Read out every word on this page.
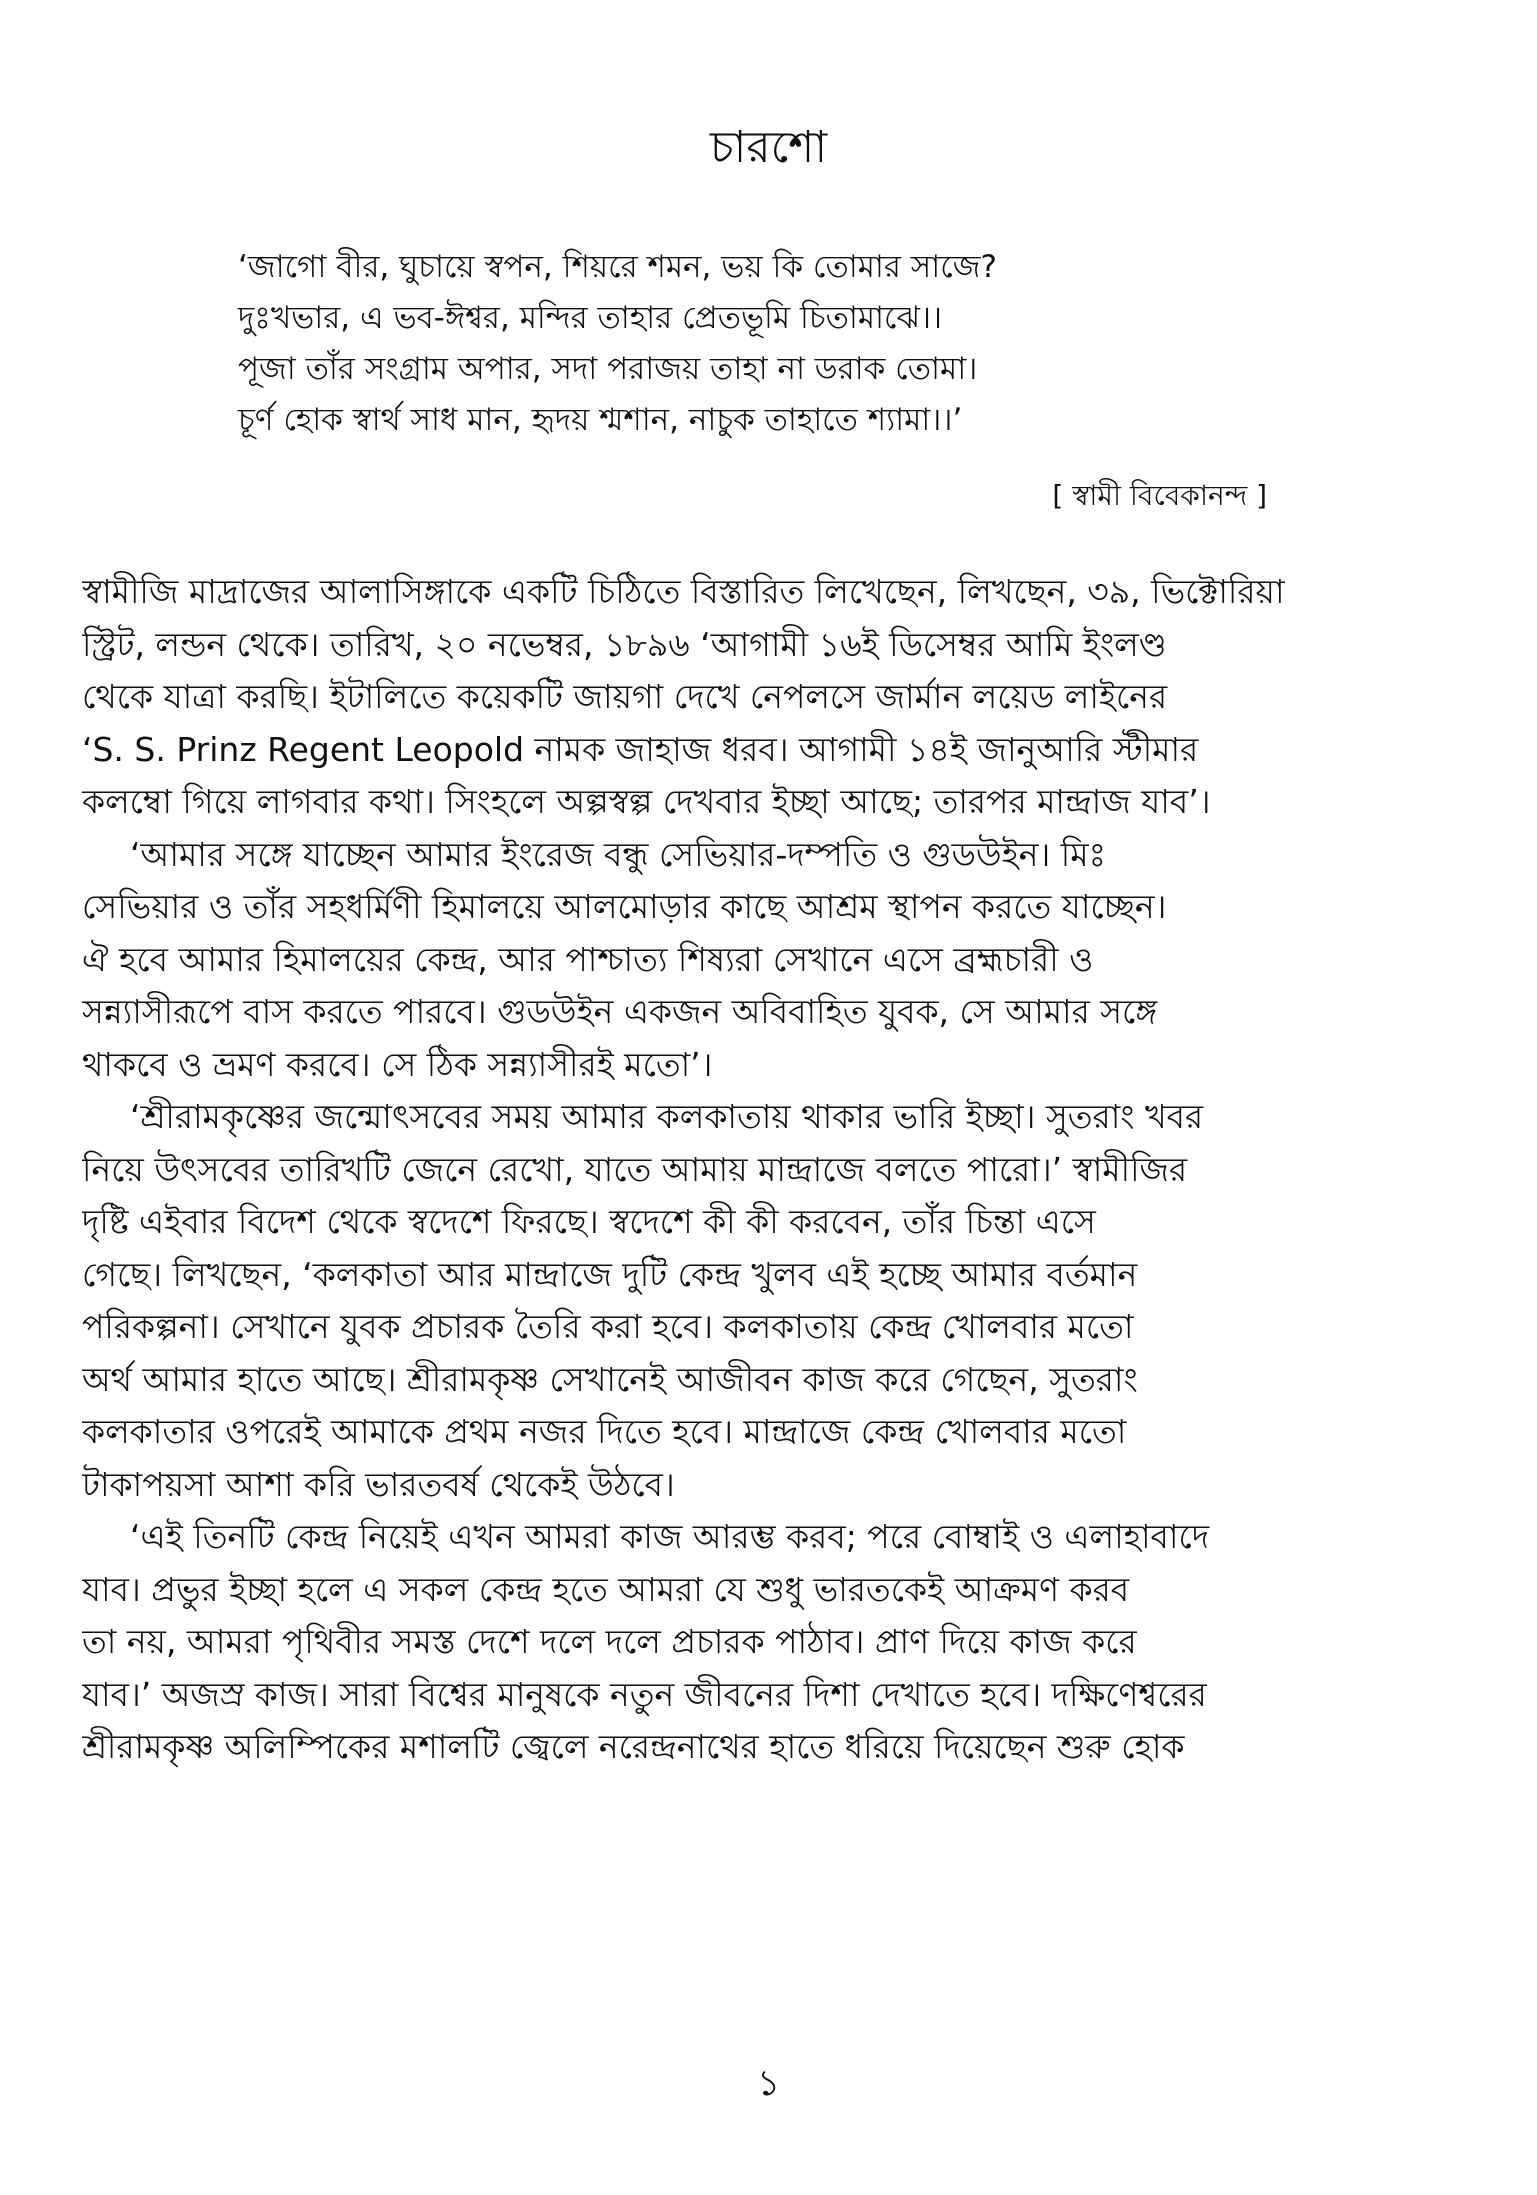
চারশো

‘জাগো বীর, ঘুচায়ে স্বপন, শিয়রে শমন, ভয় কি তোমার সাজে?

দুঃখভার, এ ভব-ঈশ্বর, মন্দির তাহার প্রেতভূমি চিতামাঝে।।

পূজা তাঁর সংগ্রাম অপার, সদা পরাজয় তাহা না ডরাক তোমা।

চূর্ণ হোক স্বার্থ সাধ মান, হৃদয় শ্মশান, নাচুক তাহাতে শ্যামা।।’

[ স্বামী বিবেকানন্দ ]

স্বামীজি মাদ্রাজের আলাসিঙ্গাকে একটি চিঠিতে বিস্তারিত লিখেছেন, লিখছেন, ৩৯, ভিক্টোরিয়া
স্ট্রিট, লন্ডন থেকে। তারিখ, ২০ নভেম্বর, ১৮৯৬ ‘আগামী ১৬ই ডিসেম্বর আমি ইংলণ্ড
থেকে যাত্রা করছি। ইটালিতে কয়েকটি জায়গা দেখে নেপলসে জার্মান লয়েড লাইনের
‘S. S. Prinz Regent Leopold নামক জাহাজ ধরব। আগামী ১৪ই জানুআরি স্টীমার
কলম্বো গিয়ে লাগবার কথা। সিংহলে অল্পস্বল্প দেখবার ইচ্ছা আছে; তারপর মান্দ্রাজ যাব’।

‘আমার সঙ্গে যাচ্ছেন আমার ইংরেজ বন্ধু সেভিয়ার-দম্পতি ও গুডউইন। মিঃ
সেভিয়ার ও তাঁর সহধর্মিণী হিমালয়ে আলমোড়ার কাছে আশ্রম স্থাপন করতে যাচ্ছেন।
ঐ হবে আমার হিমালয়ের কেন্দ্র, আর পাশ্চাত্য শিষ্যরা সেখানে এসে ব্রহ্মচারী ও
সন্ন্যাসীরূপে বাস করতে পারবে। গুডউইন একজন অবিবাহিত যুবক, সে আমার সঙ্গে
থাকবে ও ভ্রমণ করবে। সে ঠিক সন্ন্যাসীরই মতো’।

‘শ্রীরামকৃষ্ণের জন্মোৎসবের সময় আমার কলকাতায় থাকার ভারি ইচ্ছা। সুতরাং খবর
নিয়ে উৎসবের তারিখটি জেনে রেখো, যাতে আমায় মান্দ্রাজে বলতে পারো।’ স্বামীজির
দৃষ্টি এইবার বিদেশ থেকে স্বদেশে ফিরছে। স্বদেশে কী কী করবেন, তাঁর চিন্তা এসে
গেছে। লিখছেন, ‘কলকাতা আর মান্দ্রাজে দুটি কেন্দ্র খুলব এই হচ্ছে আমার বর্তমান
পরিকল্পনা। সেখানে যুবক প্রচারক তৈরি করা হবে। কলকাতায় কেন্দ্র খোলবার মতো
অর্থ আমার হাতে আছে। শ্রীরামকৃষ্ণ সেখানেই আজীবন কাজ করে গেছেন, সুতরাং
কলকাতার ওপরেই আমাকে প্রথম নজর দিতে হবে। মান্দ্রাজে কেন্দ্র খোলবার মতো
টাকাপয়সা আশা করি ভারতবর্ষ থেকেই উঠবে।

‘এই তিনটি কেন্দ্র নিয়েই এখন আমরা কাজ আরম্ভ করব; পরে বোম্বাই ও এলাহাবাদে
যাব। প্রভুর ইচ্ছা হলে এ সকল কেন্দ্র হতে আমরা যে শুধু ভারতকেই আক্রমণ করব
তা নয়, আমরা পৃথিবীর সমস্ত দেশে দলে দলে প্রচারক পাঠাব। প্রাণ দিয়ে কাজ করে
যাব।’ অজস্র কাজ। সারা বিশ্বের মানুষকে নতুন জীবনের দিশা দেখাতে হবে। দক্ষিণেশ্বরের
শ্রীরামকৃষ্ণ অলিম্পিকের মশালটি জ্বেলে নরেন্দ্রনাথের হাতে ধরিয়ে দিয়েছেন শুরু হোক

১
